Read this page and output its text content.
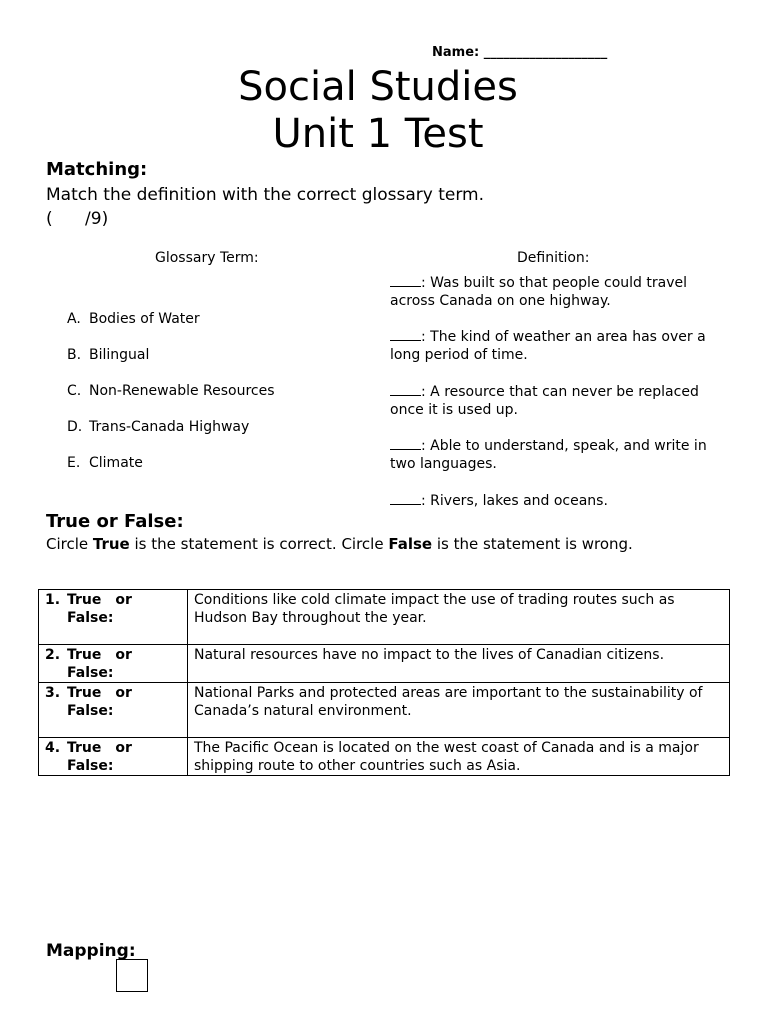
Name: ___________________
Social Studies
Unit 1 Test
Matching:
Match the definition with the correct glossary term.
(      /9)
Glossary Term:	Definition:
A. Bodies of Water
B. Bilingual
C. Non-Renewable Resources
D. Trans-Canada Highway
E. Climate
: Was built so that people could travel across Canada on one highway.
: The kind of weather an area has over a long period of time.
: A resource that can never be replaced once it is used up.
: Able to understand, speak, and write in two languages.
: Rivers, lakes and oceans.
True or False:
Circle True is the statement is correct. Circle False is the statement is wrong.
1. True or
False:	Conditions like cold climate impact the use of trading routes such as Hudson Bay throughout the year.
2. True or
False:	Natural resources have no impact to the lives of Canadian citizens.
3. True or
False:	National Parks and protected areas are important to the sustainability of Canada’s natural environment.
4. True or
False:	The Pacific Ocean is located on the west coast of Canada and is a major shipping route to other countries such as Asia.
Mapping:
